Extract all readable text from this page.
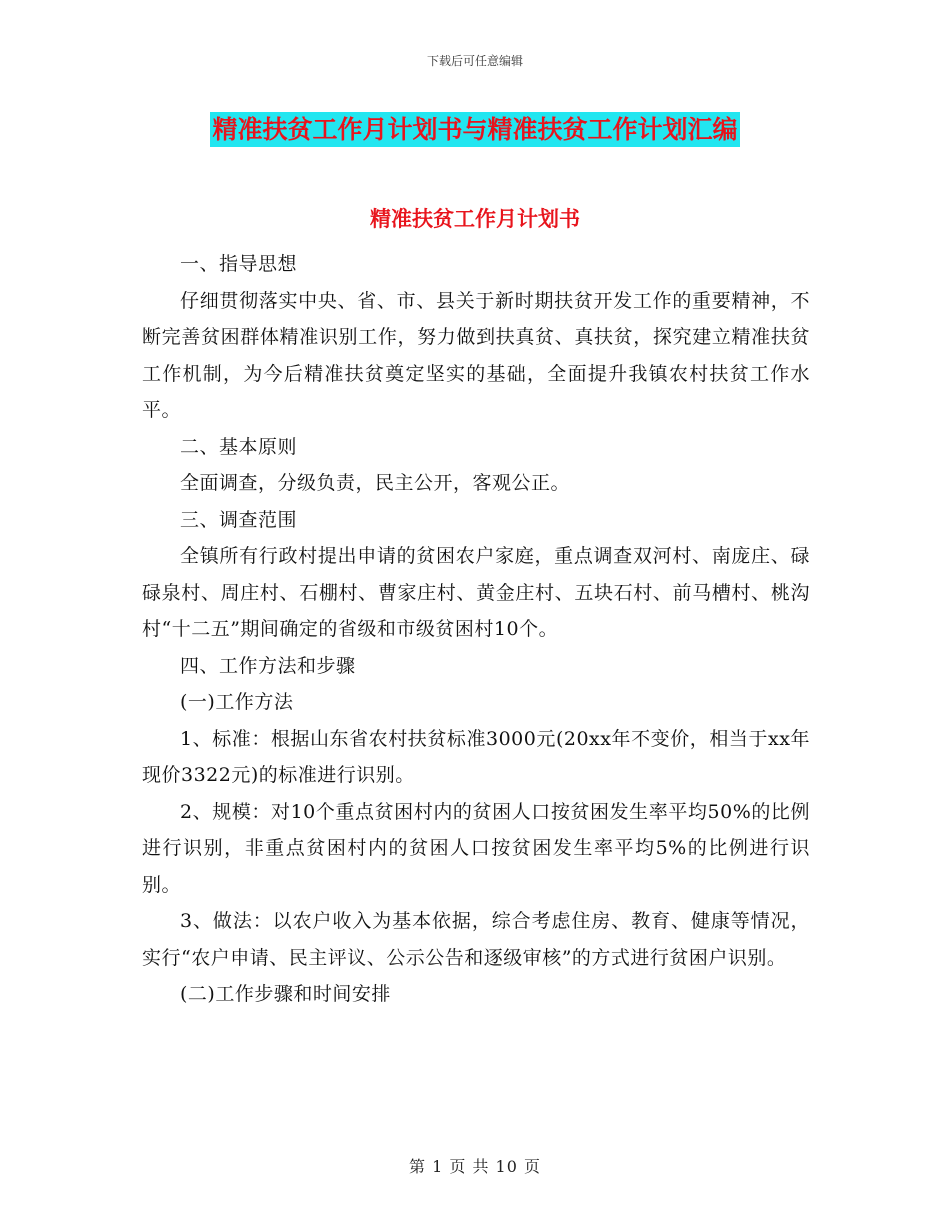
下载后可任意编辑
精准扶贫工作月计划书与精准扶贫工作计划汇编
精准扶贫工作月计划书

一、指导思想

仔细贯彻落实中央、省、市、县关于新时期扶贫开发工作的重要精神，不断完善贫困群体精准识别工作，努力做到扶真贫、真扶贫，探究建立精准扶贫工作机制，为今后精准扶贫奠定坚实的基础，全面提升我镇农村扶贫工作水平。

二、基本原则

全面调查，分级负责，民主公开，客观公正。

三、调查范围

全镇所有行政村提出申请的贫困农户家庭，重点调查双河村、南庞庄、碌碌泉村、周庄村、石棚村、曹家庄村、黄金庄村、五块石村、前马槽村、桃沟村“十二五”期间确定的省级和市级贫困村10个。

四、工作方法和步骤

(一)工作方法

1、标准：根据山东省农村扶贫标准3000元(20xx年不变价，相当于xx年现价3322元)的标准进行识别。

2、规模：对10个重点贫困村内的贫困人口按贫困发生率平均50%的比例进行识别，非重点贫困村内的贫困人口按贫困发生率平均5%的比例进行识别。

3、做法：以农户收入为基本依据，综合考虑住房、教育、健康等情况，实行“农户申请、民主评议、公示公告和逐级审核”的方式进行贫困户识别。

(二)工作步骤和时间安排

第 1 页 共 10 页
